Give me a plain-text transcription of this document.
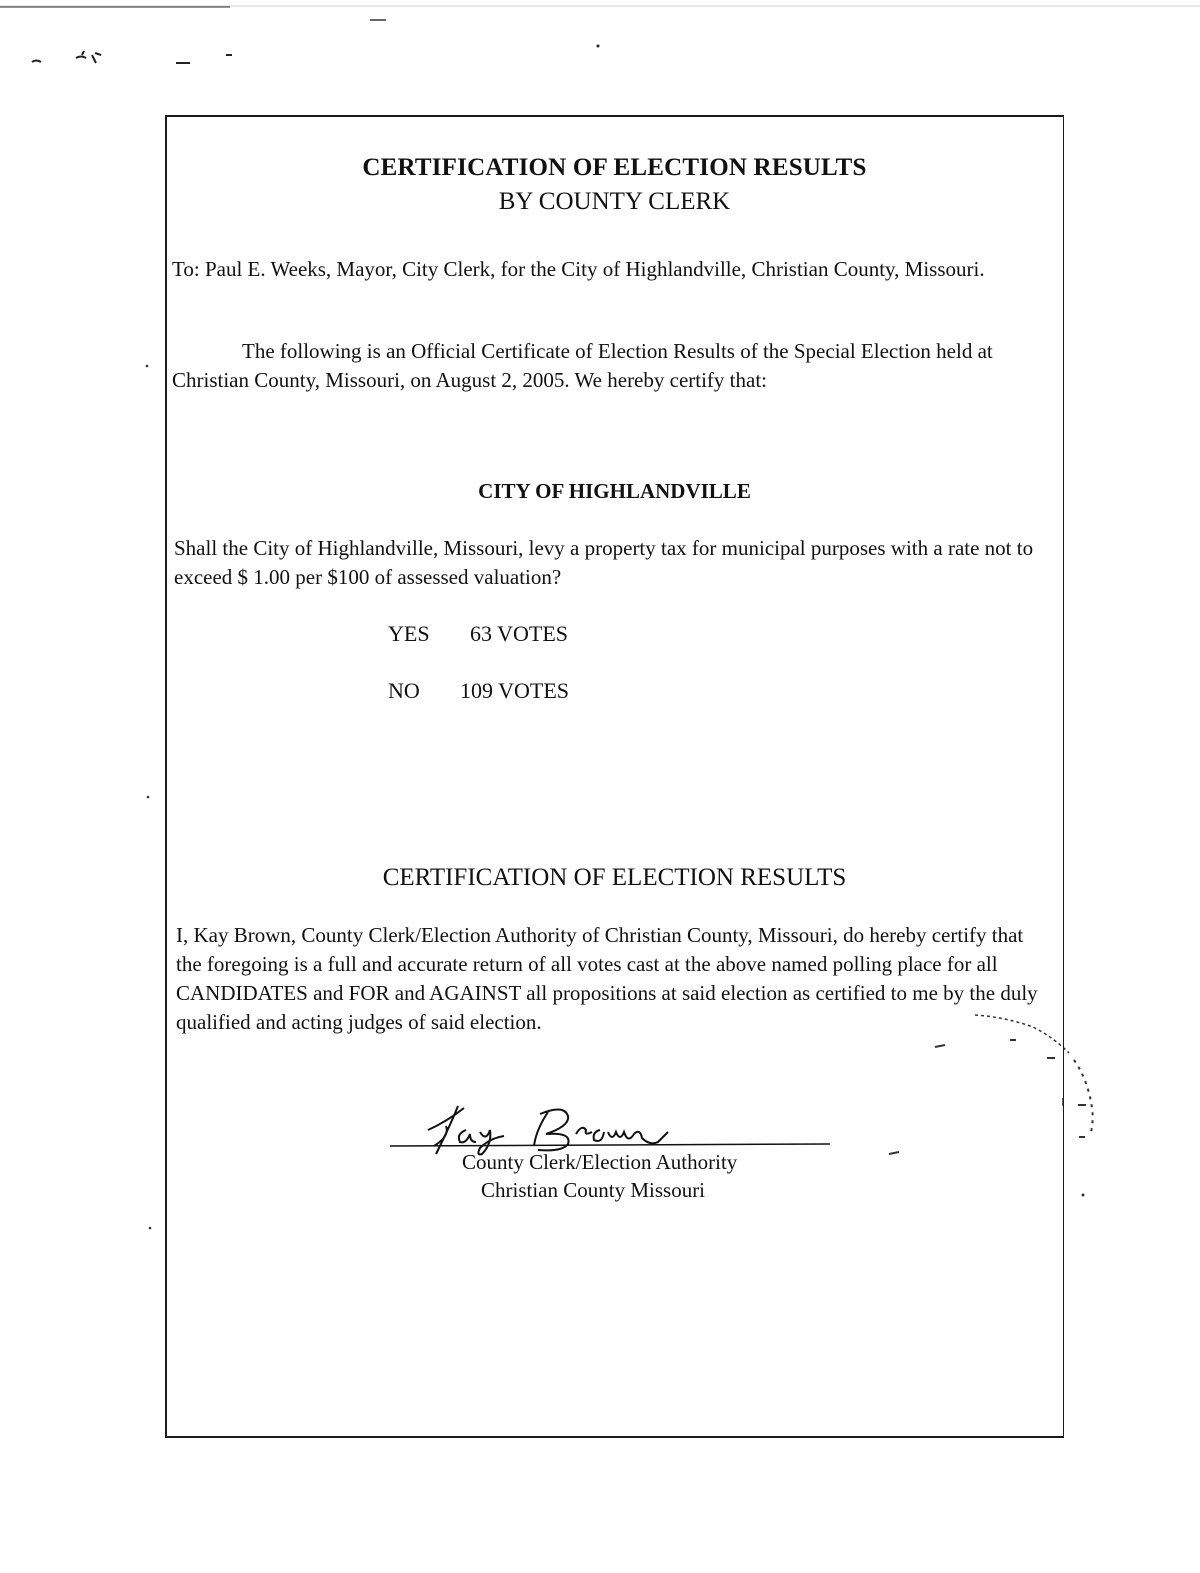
CERTIFICATION OF ELECTION RESULTS
BY COUNTY CLERK

To: Paul E. Weeks, Mayor, City Clerk, for the City of Highlandville, Christian County, Missouri.

The following is an Official Certificate of Election Results of the Special Election held at Christian County, Missouri, on August 2, 2005. We hereby certify that:

CITY OF HIGHLANDVILLE

Shall the City of Highlandville, Missouri, levy a property tax for municipal purposes with a rate not to exceed $ 1.00 per $100 of assessed valuation?

YES 63 VOTES
NO 109 VOTES
CERTIFICATION OF ELECTION RESULTS

I, Kay Brown, County Clerk/Election Authority of Christian County, Missouri, do hereby certify that the foregoing is a full and accurate return of all votes cast at the above named polling place for all CANDIDATES and FOR and AGAINST all propositions at said election as certified to me by the duly qualified and acting judges of said election.

County Clerk/Election Authority
Christian County Missouri
